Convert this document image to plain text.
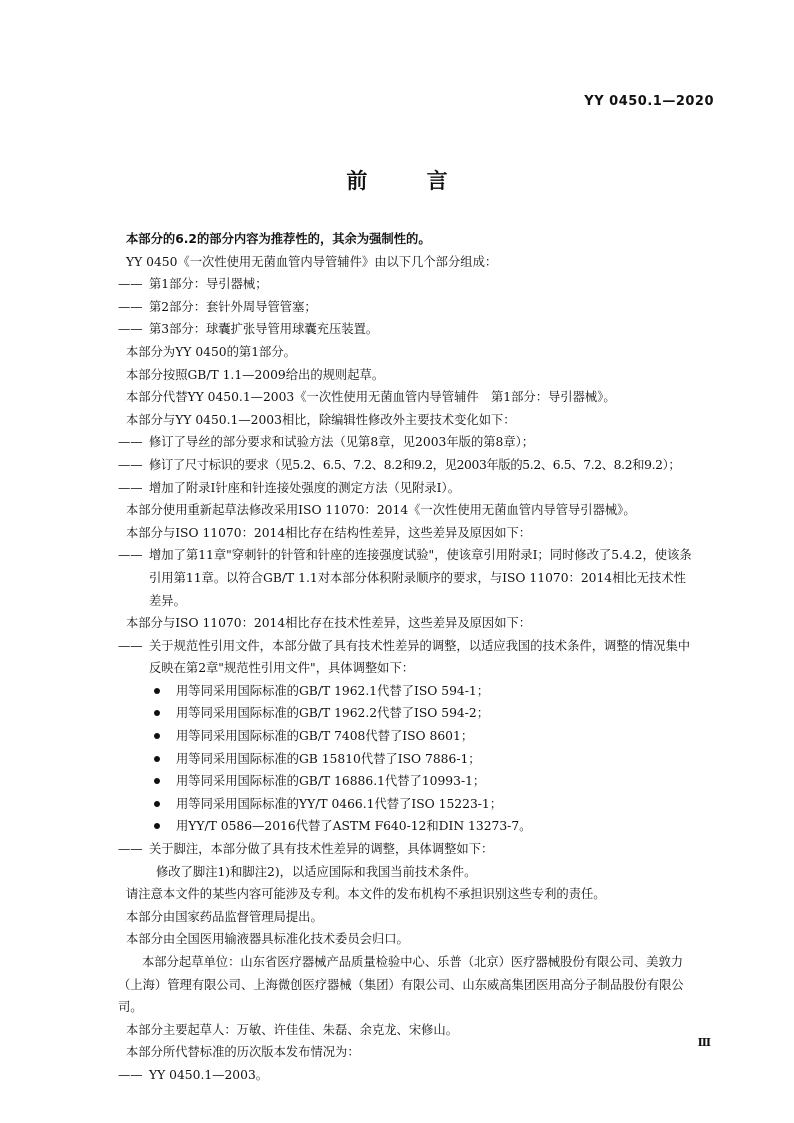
YY 0450.1—2020
前 言
本部分的6.2的部分内容为推荐性的，其余为强制性的。
YY 0450《一次性使用无菌血管内导管辅件》由以下几个部分组成：
—— 第1部分：导引器械；
—— 第2部分：套针外周导管管塞；
—— 第3部分：球囊扩张导管用球囊充压装置。
本部分为YY 0450的第1部分。
本部分按照GB/T 1.1—2009给出的规则起草。
本部分代替YY 0450.1—2003《一次性使用无菌血管内导管辅件　第1部分：导引器械》。
本部分与YY 0450.1—2003相比，除编辑性修改外主要技术变化如下：
—— 修订了导丝的部分要求和试验方法（见第8章，见2003年版的第8章）；
—— 修订了尺寸标识的要求（见5.2、6.5、7.2、8.2和9.2，见2003年版的5.2、6.5、7.2、8.2和9.2）；
—— 增加了附录I针座和针连接处强度的测定方法（见附录I）。
本部分使用重新起草法修改采用ISO 11070：2014《一次性使用无菌血管内导管导引器械》。
本部分与ISO 11070：2014相比存在结构性差异，这些差异及原因如下：
—— 增加了第11章"穿刺针的针管和针座的连接强度试验"，使该章引用附录I；同时修改了5.4.2，使该条引用第11章。以符合GB/T 1.1对本部分体积附录顺序的要求，与ISO 11070：2014相比无技术性差异。
本部分与ISO 11070：2014相比存在技术性差异，这些差异及原因如下：
—— 关于规范性引用文件，本部分做了具有技术性差异的调整，以适应我国的技术条件，调整的情况集中反映在第2章"规范性引用文件"，具体调整如下：
用等同采用国际标准的GB/T 1962.1代替了ISO 594-1；
用等同采用国际标准的GB/T 1962.2代替了ISO 594-2；
用等同采用国际标准的GB/T 7408代替了ISO 8601；
用等同采用国际标准的GB 15810代替了ISO 7886-1；
用等同采用国际标准的GB/T 16886.1代替了10993-1；
用等同采用国际标准的YY/T 0466.1代替了ISO 15223-1；
用YY/T 0586—2016代替了ASTM F640-12和DIN 13273-7。
—— 关于脚注，本部分做了具有技术性差异的调整，具体调整如下：
修改了脚注1)和脚注2)，以适应国际和我国当前技术条件。
请注意本文件的某些内容可能涉及专利。本文件的发布机构不承担识别这些专利的责任。
本部分由国家药品监督管理局提出。
本部分由全国医用输液器具标准化技术委员会归口。
本部分起草单位：山东省医疗器械产品质量检验中心、乐普（北京）医疗器械股份有限公司、美敦力（上海）管理有限公司、上海微创医疗器械（集团）有限公司、山东威高集团医用高分子制品股份有限公司。
本部分主要起草人：万敏、许佳佳、朱磊、余克龙、宋修山。
本部分所代替标准的历次版本发布情况为：
—— YY 0450.1—2003。
Ⅲ
